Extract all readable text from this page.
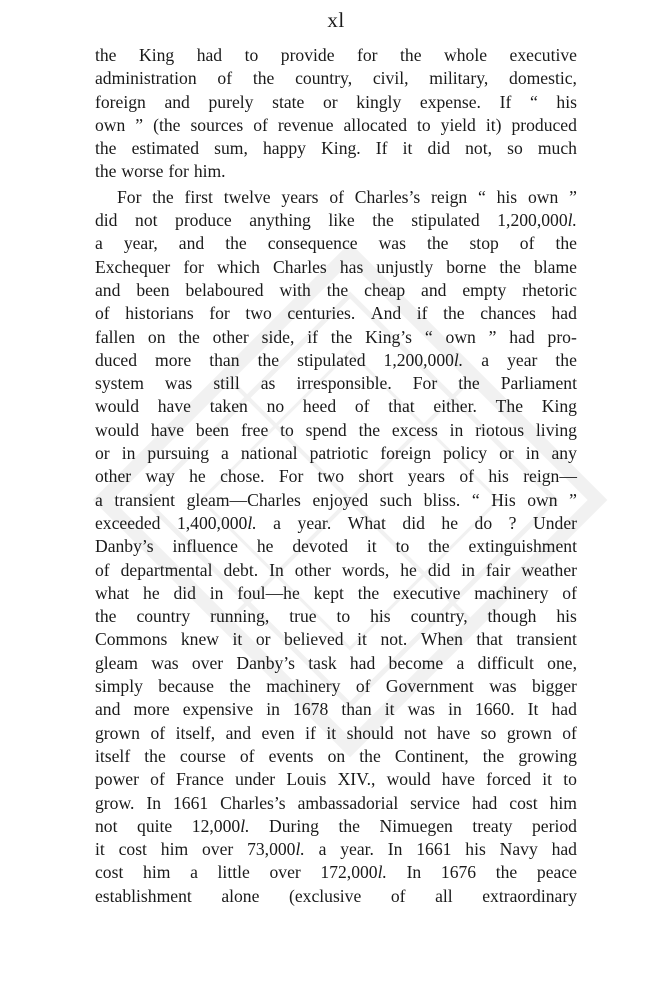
xl
the King had to provide for the whole executive
administration of the country, civil, military, domestic,
foreign and purely state or kingly expense. If “ his
own ” (the sources of revenue allocated to yield it) produced
the estimated sum, happy King. If it did not, so much
the worse for him.
For the first twelve years of Charles’s reign “ his own ”
did not produce anything like the stipulated 1,200,000l.
a year, and the consequence was the stop of the
Exchequer for which Charles has unjustly borne the blame
and been belaboured with the cheap and empty rhetoric
of historians for two centuries. And if the chances had
fallen on the other side, if the King’s “ own ” had pro-
duced more than the stipulated 1,200,000l. a year the
system was still as irresponsible. For the Parliament
would have taken no heed of that either. The King
would have been free to spend the excess in riotous living
or in pursuing a national patriotic foreign policy or in any
other way he chose. For two short years of his reign—
a transient gleam—Charles enjoyed such bliss. “ His own ”
exceeded 1,400,000l. a year. What did he do ? Under
Danby’s influence he devoted it to the extinguishment
of departmental debt. In other words, he did in fair weather
what he did in foul—he kept the executive machinery of
the country running, true to his country, though his
Commons knew it or believed it not. When that transient
gleam was over Danby’s task had become a difficult one,
simply because the machinery of Government was bigger
and more expensive in 1678 than it was in 1660. It had
grown of itself, and even if it should not have so grown of
itself the course of events on the Continent, the growing
power of France under Louis XIV., would have forced it to
grow. In 1661 Charles’s ambassadorial service had cost him
not quite 12,000l. During the Nimuegen treaty period
it cost him over 73,000l. a year. In 1661 his Navy had
cost him a little over 172,000l. In 1676 the peace
establishment alone (exclusive of all extraordinary
